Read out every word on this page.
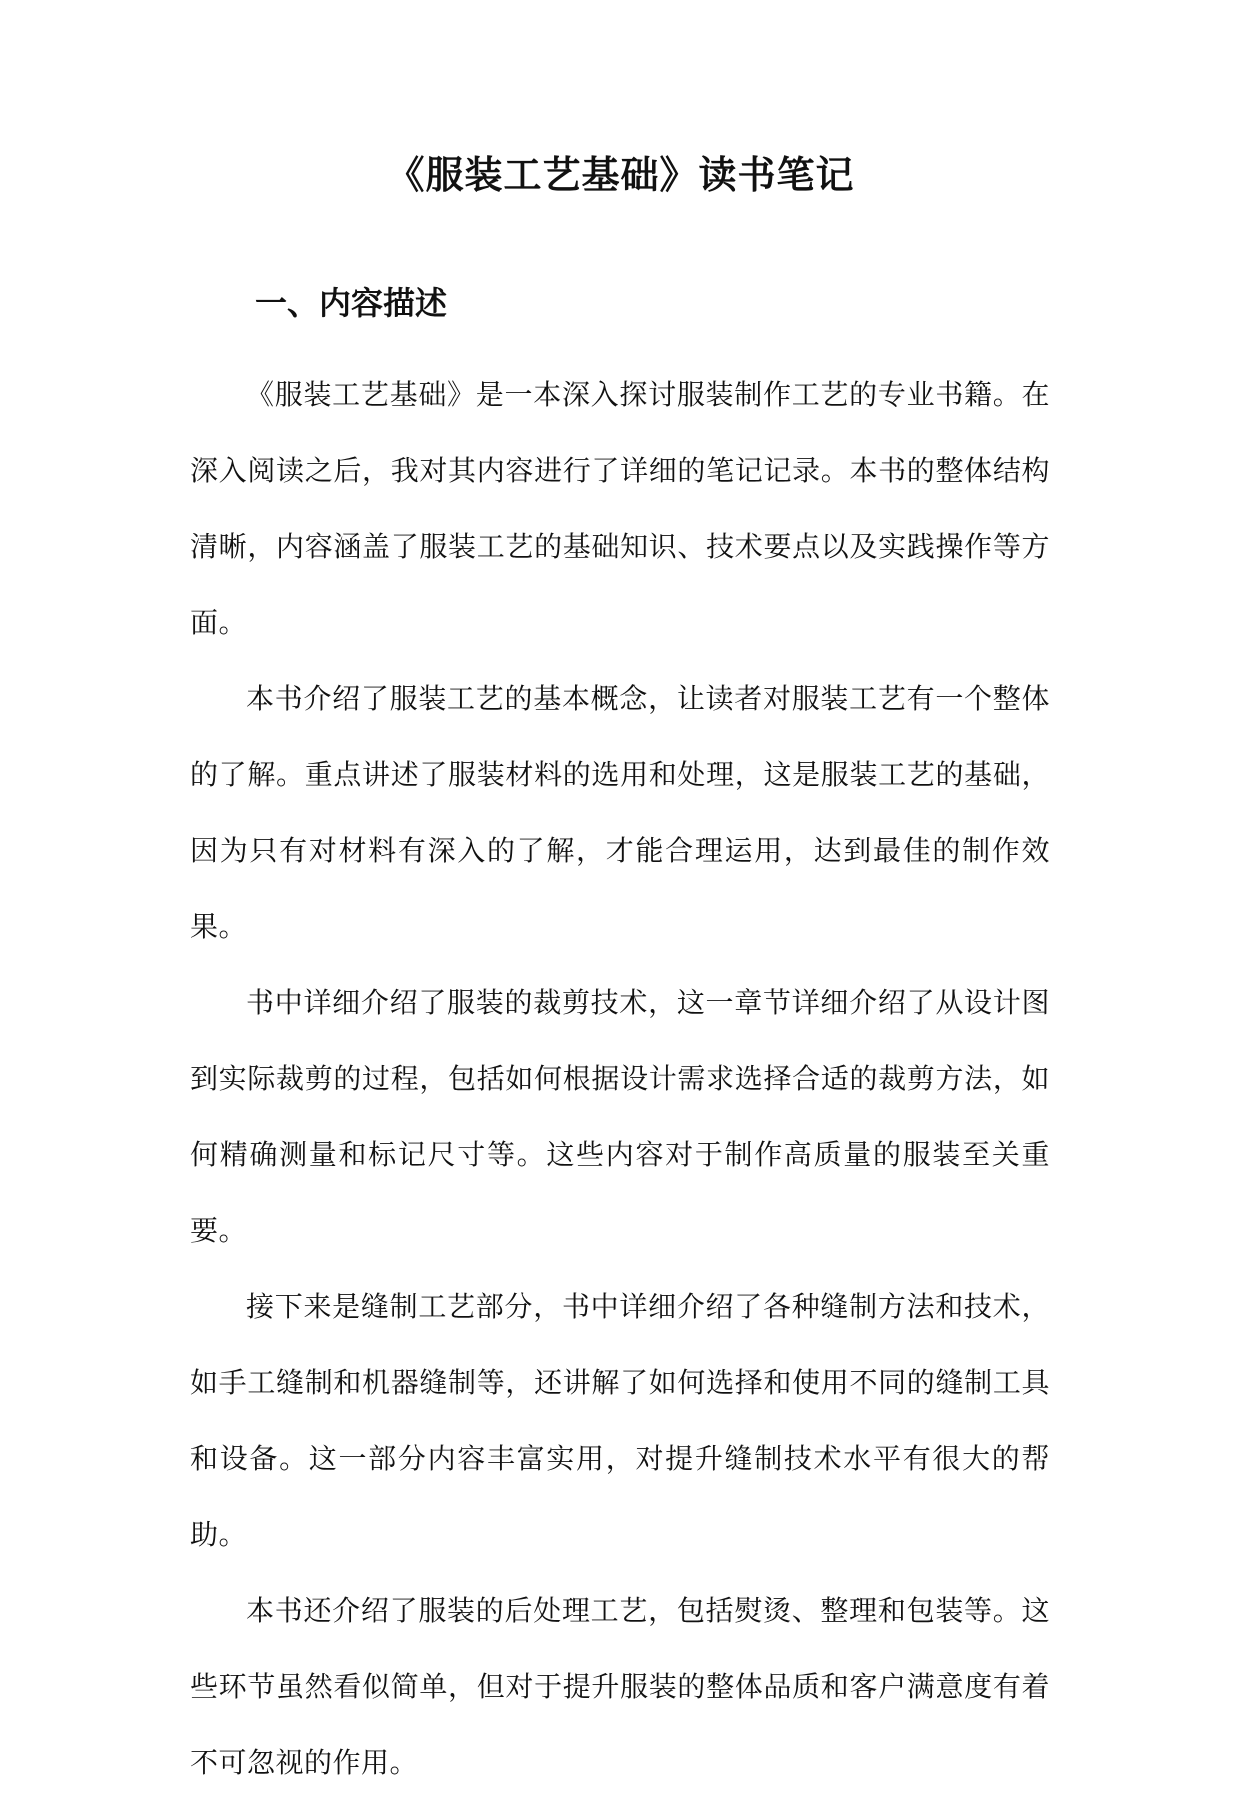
《服装工艺基础》读书笔记
一、内容描述

《服装工艺基础》是一本深入探讨服装制作工艺的专业书籍。在深入阅读之后，我对其内容进行了详细的笔记记录。本书的整体结构清晰，内容涵盖了服装工艺的基础知识、技术要点以及实践操作等方面。

本书介绍了服装工艺的基本概念，让读者对服装工艺有一个整体的了解。重点讲述了服装材料的选用和处理，这是服装工艺的基础，因为只有对材料有深入的了解，才能合理运用，达到最佳的制作效果。

书中详细介绍了服装的裁剪技术，这一章节详细介绍了从设计图到实际裁剪的过程，包括如何根据设计需求选择合适的裁剪方法，如何精确测量和标记尺寸等。这些内容对于制作高质量的服装至关重要。

接下来是缝制工艺部分，书中详细介绍了各种缝制方法和技术，如手工缝制和机器缝制等，还讲解了如何选择和使用不同的缝制工具和设备。这一部分内容丰富实用，对提升缝制技术水平有很大的帮助。

本书还介绍了服装的后处理工艺，包括熨烫、整理和包装等。这些环节虽然看似简单，但对于提升服装的整体品质和客户满意度有着不可忽视的作用。
